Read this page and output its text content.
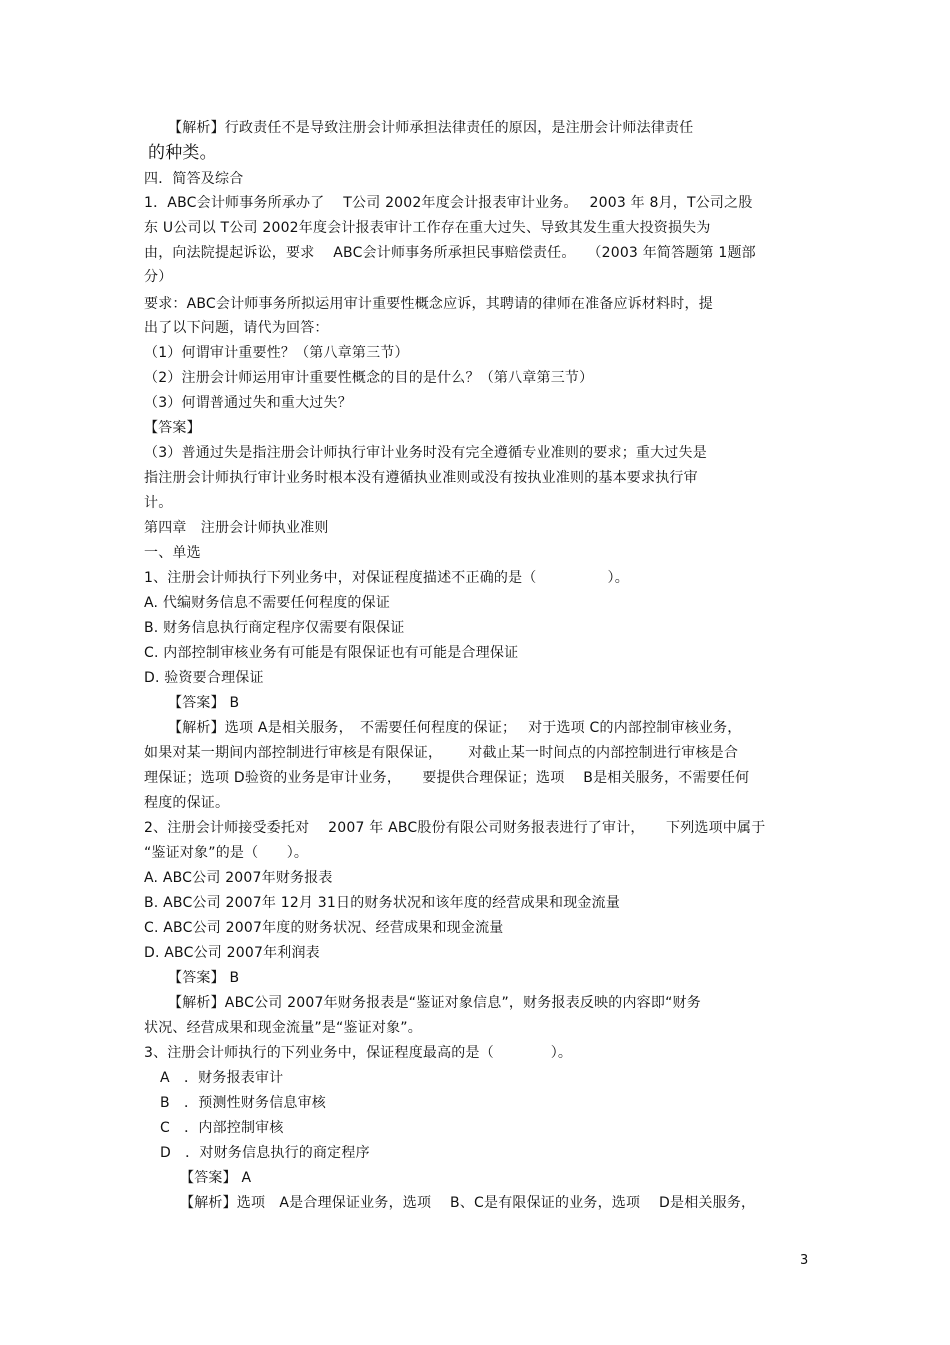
【解析】行政责任不是导致注册会计师承担法律责任的原因，是注册会计师法律责任
的种类。
四．简答及综合
1．ABC会计师事务所承办了　 T公司 2002年度会计报表审计业务。　 2003 年 8月，T公司之股
东 U公司以 T公司 2002年度会计报表审计工作存在重大过失、导致其发生重大投资损失为
由，向法院提起诉讼，要求　 ABC会计师事务所承担民事赔偿责任。　 （2003 年简答题第 1题部
分）
要求：ABC会计师事务所拟运用审计重要性概念应诉，其聘请的律师在准备应诉材料时，提
出了以下问题，请代为回答：
（1）何谓审计重要性？（第八章第三节）
（2）注册会计师运用审计重要性概念的目的是什么？（第八章第三节）
（3）何谓普通过失和重大过失？
【答案】
（3）普通过失是指注册会计师执行审计业务时没有完全遵循专业准则的要求；重大过失是
指注册会计师执行审计业务时根本没有遵循执业准则或没有按执业准则的基本要求执行审
计。
第四章　注册会计师执业准则
一、单选
1、注册会计师执行下列业务中，对保证程度描述不正确的是（　　　　　）。
A. 代编财务信息不需要任何程度的保证
B. 财务信息执行商定程序仅需要有限保证
C. 内部控制审核业务有可能是有限保证也有可能是合理保证
D. 验资要合理保证
【答案】 B
【解析】选项 A是相关服务，　不需要任何程度的保证；　 对于选项 C的内部控制审核业务，
如果对某一期间内部控制进行审核是有限保证，　　 对截止某一时间点的内部控制进行审核是合
理保证；选项 D验资的业务是审计业务，　　要提供合理保证；选项　 B是相关服务，不需要任何
程度的保证。
2、注册会计师接受委托对　 2007 年 ABC股份有限公司财务报表进行了审计，　　下列选项中属于
“鉴证对象”的是（　　）。
A. ABC公司 2007年财务报表
B. ABC公司 2007年 12月 31日的财务状况和该年度的经营成果和现金流量
C. ABC公司 2007年度的财务状况、经营成果和现金流量
D. ABC公司 2007年利润表
【答案】 B
【解析】ABC公司 2007年财务报表是“鉴证对象信息”，财务报表反映的内容即“财务
状况、经营成果和现金流量”是“鉴证对象”。
3、注册会计师执行的下列业务中，保证程度最高的是（　　　　）。
A　．财务报表审计
B　．预测性财务信息审核
C　．内部控制审核
D　．对财务信息执行的商定程序
【答案】 A
【解析】选项　A是合理保证业务，选项　 B、C是有限保证的业务，选项　 D是相关服务，
3
